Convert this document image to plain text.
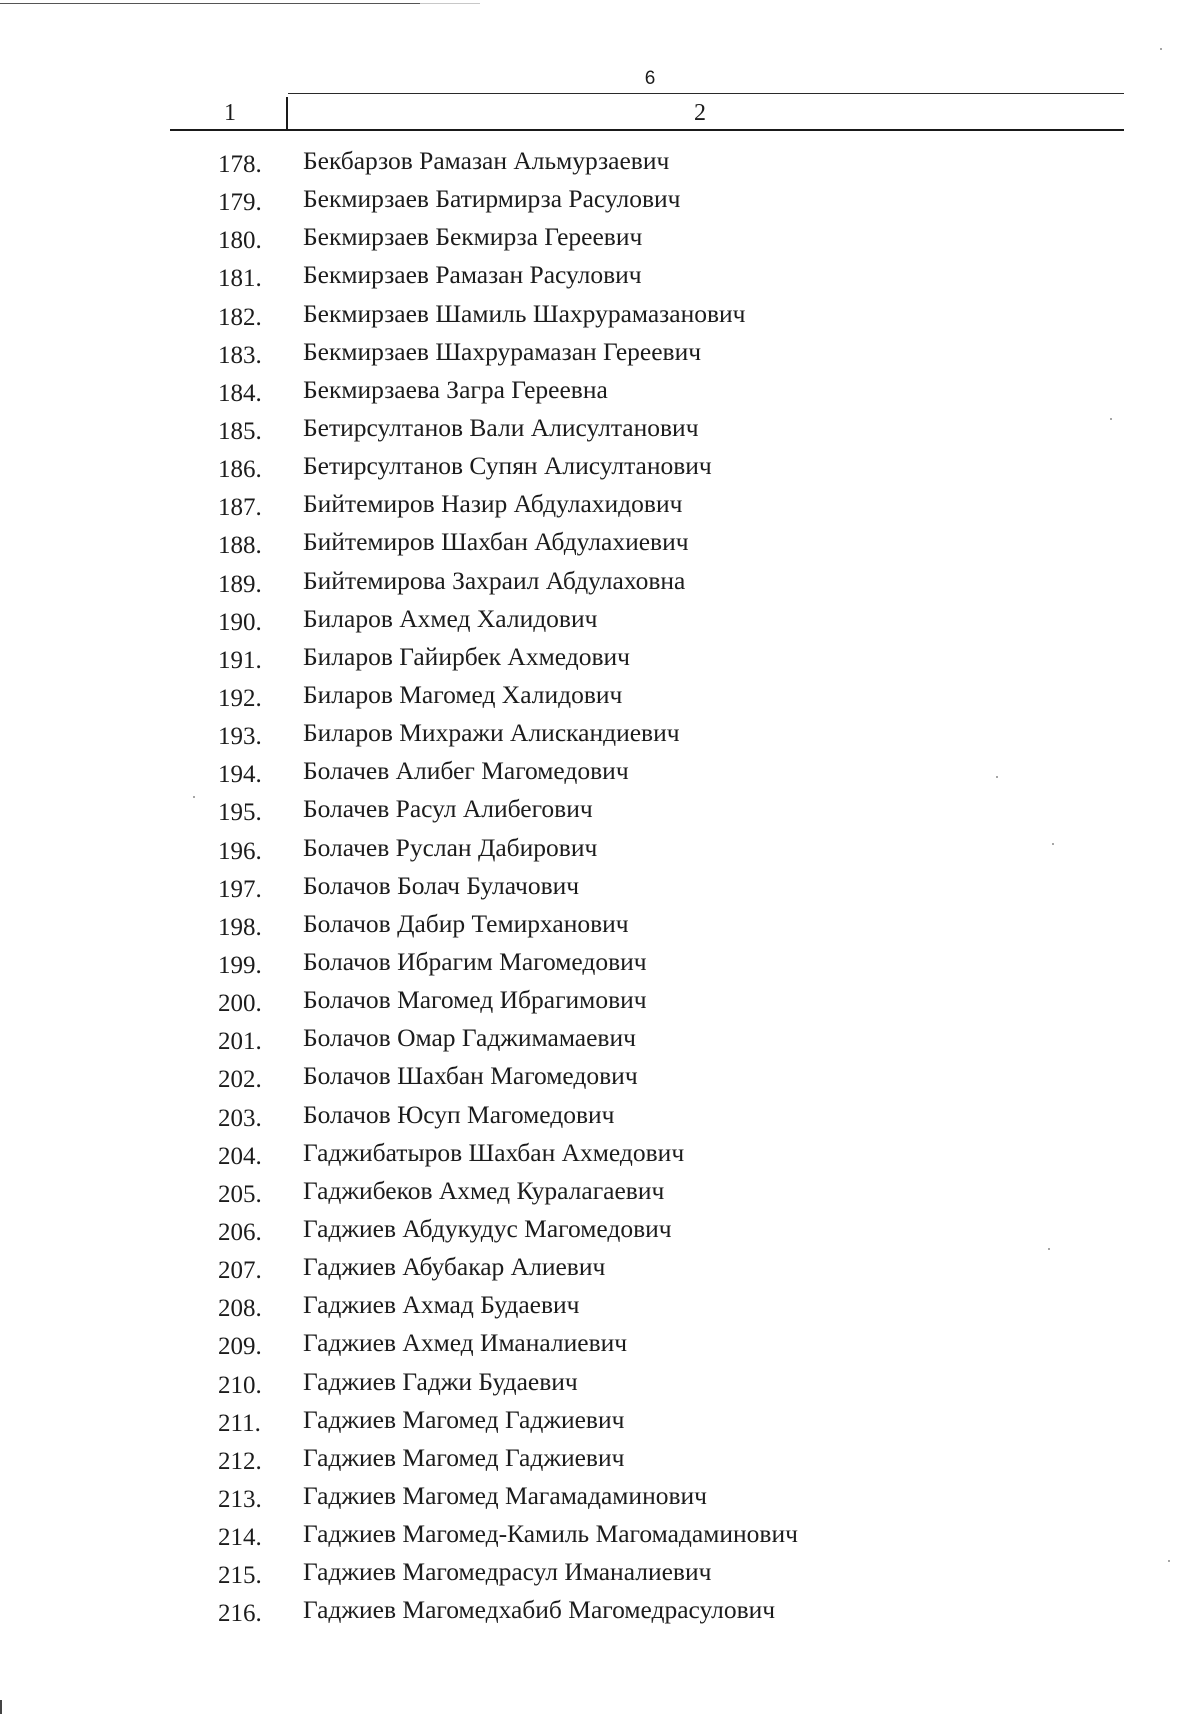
6
1	2
178. Бекбарзов Рамазан Альмурзаевич
179. Бекмирзаев Батирмирза Расулович
180. Бекмирзаев Бекмирза Гереевич
181. Бекмирзаев Рамазан Расулович
182. Бекмирзаев Шамиль Шахрурамазанович
183. Бекмирзаев Шахрурамазан Гереевич
184. Бекмирзаева Загра Гереевна
185. Бетирсултанов Вали Алисултанович
186. Бетирсултанов Супян Алисултанович
187. Бийтемиров Назир Абдулахидович
188. Бийтемиров Шахбан Абдулахиевич
189. Бийтемирова Захраил Абдулаховна
190. Биларов Ахмед Халидович
191. Биларов Гайирбек Ахмедович
192. Биларов Магомед Халидович
193. Биларов Михражи Алискандиевич
194. Болачев Алибег Магомедович
195. Болачев Расул Алибегович
196. Болачев Руслан Дабирович
197. Болачов Болач Булачович
198. Болачов Дабир Темирханович
199. Болачов Ибрагим Магомедович
200. Болачов Магомед Ибрагимович
201. Болачов Омар Гаджимамаевич
202. Болачов Шахбан Магомедович
203. Болачов Юсуп Магомедович
204. Гаджибатыров Шахбан Ахмедович
205. Гаджибеков Ахмед Куралагаевич
206. Гаджиев Абдукудус Магомедович
207. Гаджиев Абубакар Алиевич
208. Гаджиев Ахмад Будаевич
209. Гаджиев Ахмед Иманалиевич
210. Гаджиев Гаджи Будаевич
211. Гаджиев Магомед Гаджиевич
212. Гаджиев Магомед Гаджиевич
213. Гаджиев Магомед Магамадаминович
214. Гаджиев Магомед-Камиль Магомадаминович
215. Гаджиев Магомедрасул Иманалиевич
216. Гаджиев Магомедхабиб Магомедрасулович
